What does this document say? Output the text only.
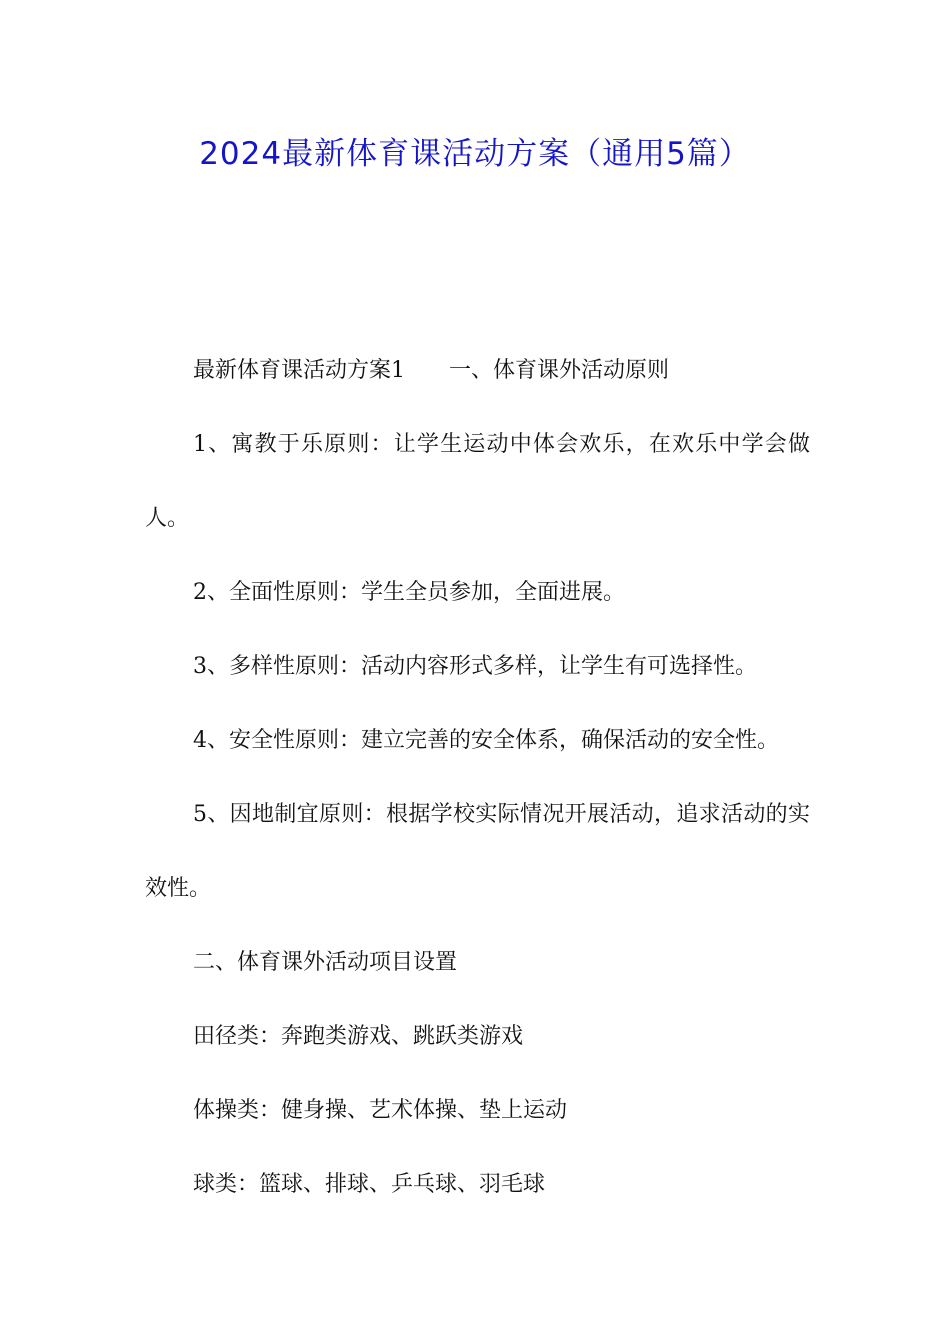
2024最新体育课活动方案（通用5篇）

最新体育课活动方案1　　一、体育课外活动原则

1、寓教于乐原则：让学生运动中体会欢乐，在欢乐中学会做人。

2、全面性原则：学生全员参加，全面进展。

3、多样性原则：活动内容形式多样，让学生有可选择性。

4、安全性原则：建立完善的安全体系，确保活动的安全性。

5、因地制宜原则：根据学校实际情况开展活动，追求活动的实效性。

二、体育课外活动项目设置

田径类：奔跑类游戏、跳跃类游戏

体操类：健身操、艺术体操、垫上运动

球类：篮球、排球、乒乓球、羽毛球
